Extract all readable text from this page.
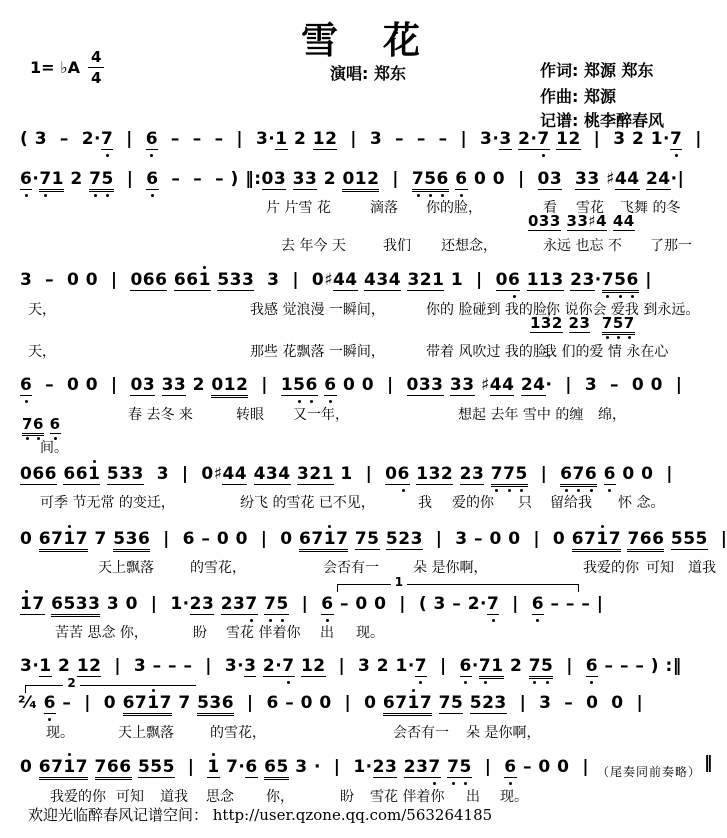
雪　花
1= ♭A $\frac{4}{4}$	演唱: 郑东	作词: 郑源 郑东
作曲: 郑源
记谱: 桃李醉春风
( 3  –  2·7  |  6  –  –  –  |  3·1 2 12  |  3  –  –  –  |  3·3 2·7 12  |  3 2 1·7  |
6·71 2 75  |  6  –  –  – ) ‖:03 33 2 012  |  756 6 0 0  |  03 33 ♯44 24·|
片 片雪 花	滴落 你的脸，	看 雪花 飞舞 的冬
033 33♯4 44
去 年今 天	我们 还想念，	永远 也忘 不 了那一
3  –  0 0  |  066 661 533  3  |  0♯44 434 321 1  |  06 113 23·756 |
天，	我感 觉浪漫 一瞬间，	你的 脸碰到 我的脸，
你 说你会 爱我 到永远。
132 23 757
天，	那些 花飘落 一瞬间，	带着 风吹过 我的脸，
我 们的爱 情 永在心
6  –  0 0  |  03 33 2 012  |  156 6 0 0  |  033 33 ♯44 24·  |  3  –  0 0  |
春 去冬 来	转眼 又一年，	想起 去年 雪中 的缠 绵，
76 6
间。
066 661 533  3  |  0♯44 434 321 1  |  06 132 23 775  |  676 6 0 0  |
可季 节无常 的变迁，	纷飞 的雪花 已不见，	我 爱的你 只 留给我 怀 念。
0 6717 7 536  |  6 – 0 0  |  0 6717 75 523  |  3 – 0 0  |  0 6717 766 555  |
天上飘落	的雪花，	会否有一 朵 是你啊，	我爱的你 可知 道我
17 6533 3 0  |  1·23 237 75  |  6 – 0 0  |  ( 3 – 2·7  |  6 – – – |
苦苦 思念 你，	盼 雪花 伴着你 出 现。
3·1 2 12  |  3 – – –  |  3·3 2·7 12  |  3 2 1·7  |  6·71 2 75  |  6 – – – ) :‖
²⁄₄ 6 –  |  0 6717 7 536  |  6 – 0 0  |  0 6717 75 523  |  3  –  0  0  |
现。	天上飘落	的雪花，	会否有一 朵 是你啊，
0 6717 766 555  |  1 7·6 65 3 ·  |  1·23 237 75  |  6 – 0 0  | （尾奏同前奏略） ‖
我爱的你 可知 道我 思念 你，	盼 雪花 伴着你 出 现。
1
2
欢迎光临醉春风记谱空间： http://user.qzone.qq.com/563264185
